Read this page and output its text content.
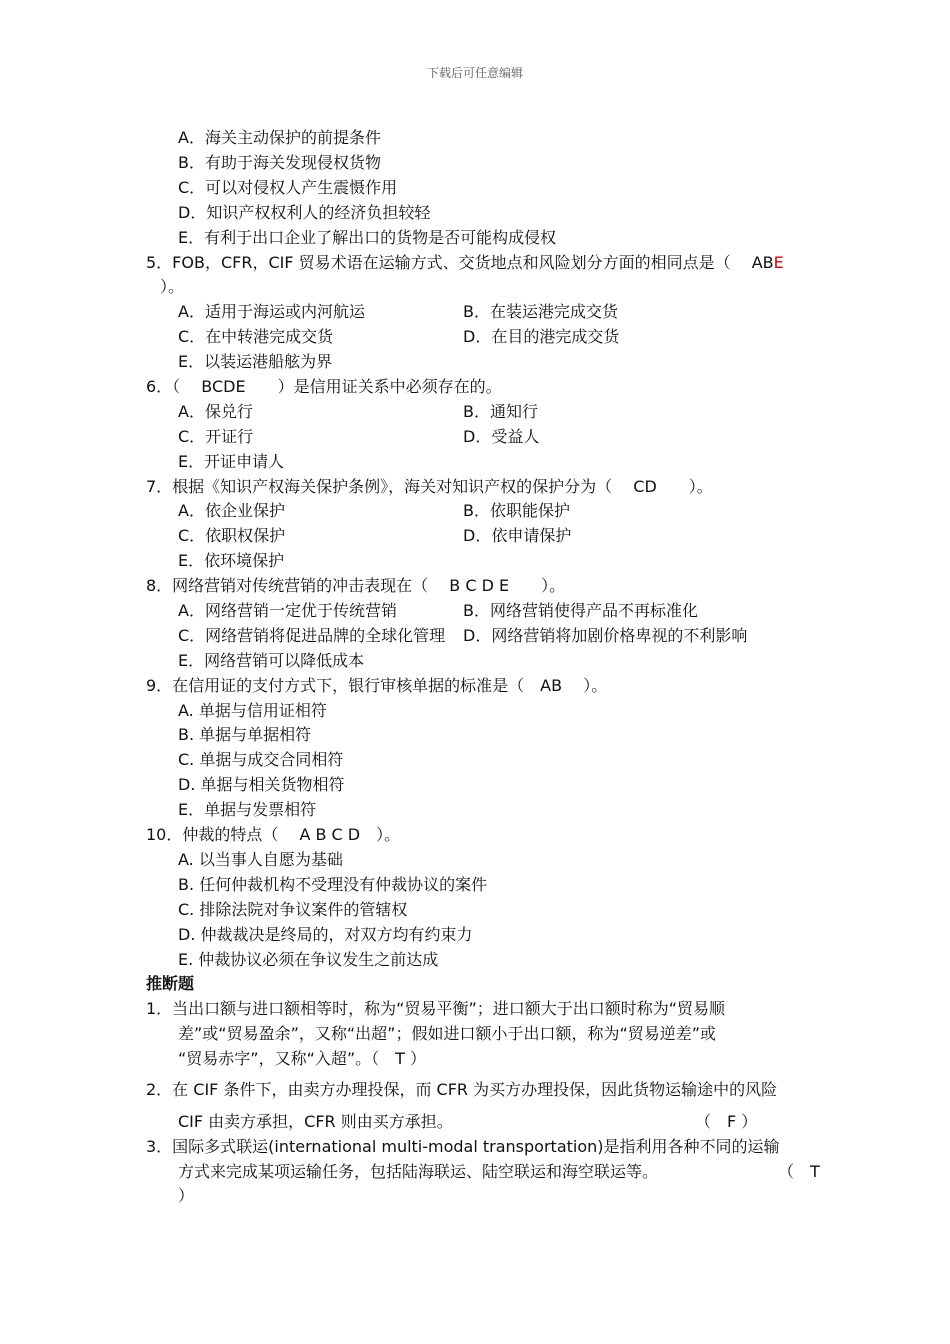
下载后可任意编辑
A．海关主动保护的前提条件
B．有助于海关发现侵权货物
C．可以对侵权人产生震慑作用
D．知识产权权利人的经济负担较轻
E．有利于出口企业了解出口的货物是否可能构成侵权
5．FOB，CFR，CIF 贸易术语在运输方式、交货地点和风险划分方面的相同点是（　 ABE
）。
A．适用于海运或内河航运	B．在装运港完成交货
C．在中转港完成交货	D．在目的港完成交货
E．以装运港船舷为界
6．（　 BCDE　　）是信用证关系中必须存在的。
A．保兑行	B．通知行
C．开证行	D．受益人
E．开证申请人
7．根据《知识产权海关保护条例》，海关对知识产权的保护分为（　 CD　　）。
A．依企业保护	B．依职能保护
C．依职权保护	D．依申请保护
E．依环境保护
8．网络营销对传统营销的冲击表现在（　 B C D E　　）。
A．网络营销一定优于传统营销	B．网络营销使得产品不再标准化
C．网络营销将促进品牌的全球化管理 D．网络营销将加剧价格卑视的不利影响
E．网络营销可以降低成本
9．在信用证的支付方式下，银行审核单据的标准是（　AB　 ）。
A. 单据与信用证相符
B. 单据与单据相符
C. 单据与成交合同相符
D. 单据与相关货物相符
E．单据与发票相符
10．仲裁的特点（　 A B C D　）。
A. 以当事人自愿为基础
B. 任何仲裁机构不受理没有仲裁协议的案件
C. 排除法院对争议案件的管辖权
D. 仲裁裁决是终局的，对双方均有约束力
E. 仲裁协议必须在争议发生之前达成
推断题
1．当出口额与进口额相等时，称为“贸易平衡”；进口额大于出口额时称为“贸易顺
差”或“贸易盈余”，又称“出超”；假如进口额小于出口额，称为“贸易逆差”或
“贸易赤字”，又称“入超”。（　T ）
2．在 CIF 条件下，由卖方办理投保，而 CFR 为买方办理投保，因此货物运输途中的风险
CIF 由卖方承担，CFR 则由买方承担。	（　F ）
3．国际多式联运(international multi-modal transportation)是指利用各种不同的运输
方式来完成某项运输任务，包括陆海联运、陆空联运和海空联运等。	（　T
）
